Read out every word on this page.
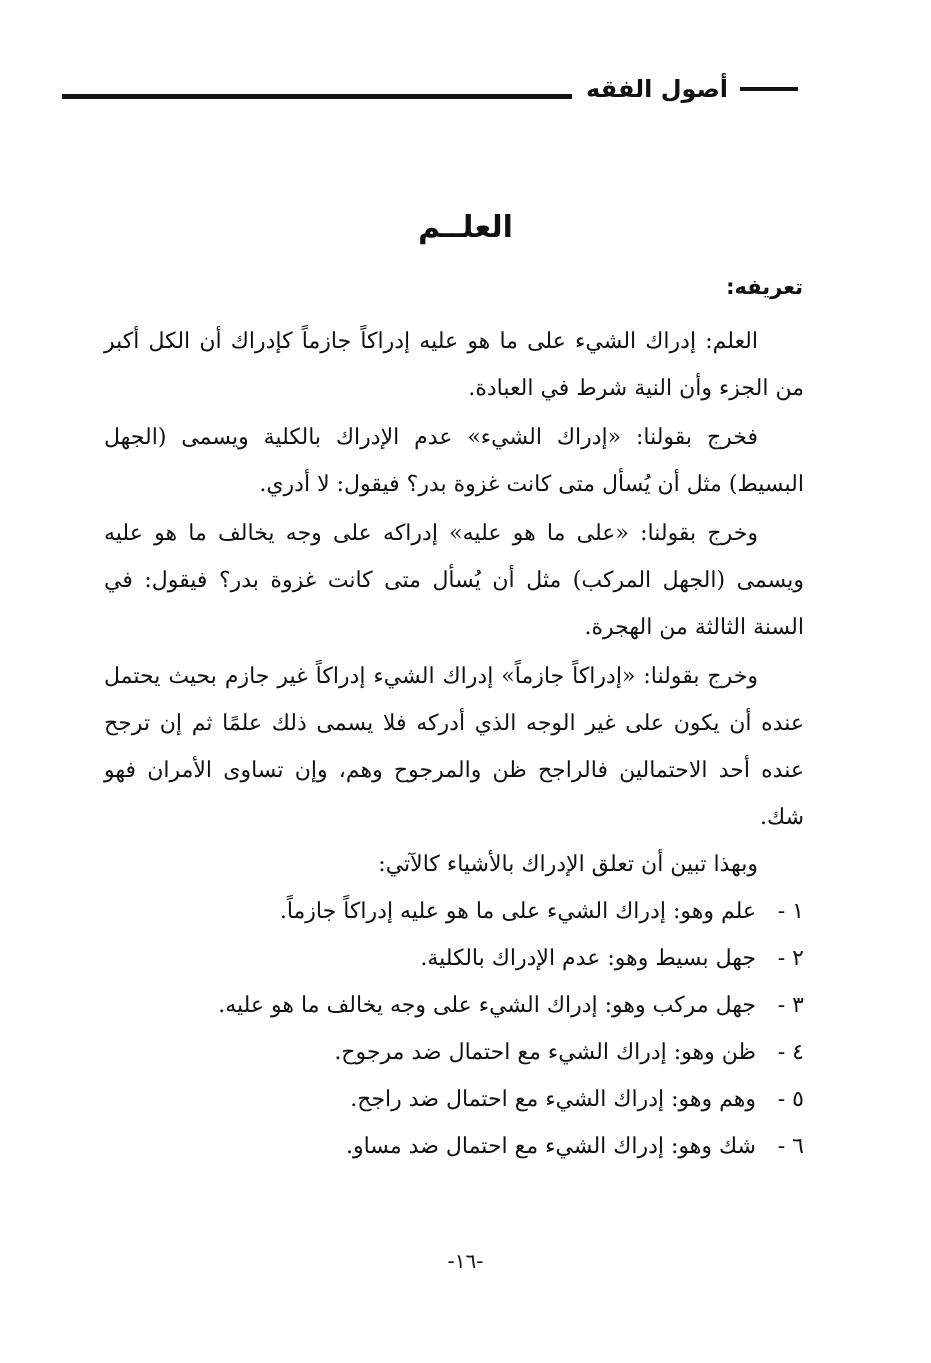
أصول الفقه
العلــم
تعريفه:

العلم: إدراك الشيء على ما هو عليه إدراكاً جازماً كإدراك أن الكل أكبر من الجزء وأن النية شرط في العبادة.

فخرج بقولنا: «إدراك الشيء» عدم الإدراك بالكلية ويسمى (الجهل البسيط) مثل أن يُسأل متى كانت غزوة بدر؟ فيقول: لا أدري.

وخرج بقولنا: «على ما هو عليه» إدراكه على وجه يخالف ما هو عليه ويسمى (الجهل المركب) مثل أن يُسأل متى كانت غزوة بدر؟ فيقول: في السنة الثالثة من الهجرة.

وخرج بقولنا: «إدراكاً جازماً» إدراك الشيء إدراكاً غير جازم بحيث يحتمل عنده أن يكون على غير الوجه الذي أدركه فلا يسمى ذلك علمًا ثم إن ترجح عنده أحد الاحتمالين فالراجح ظن والمرجوح وهم، وإن تساوى الأمران فهو شك.

وبهذا تبين أن تعلق الإدراك بالأشياء كالآتي:

١ -
علم وهو: إدراك الشيء على ما هو عليه إدراكاً جازماً.
٢ -
جهل بسيط وهو: عدم الإدراك بالكلية.
٣ -
جهل مركب وهو: إدراك الشيء على وجه يخالف ما هو عليه.
٤ -
ظن وهو: إدراك الشيء مع احتمال ضد مرجوح.
٥ -
وهم وهو: إدراك الشيء مع احتمال ضد راجح.
٦ -
شك وهو: إدراك الشيء مع احتمال ضد مساو.
-١٦-
